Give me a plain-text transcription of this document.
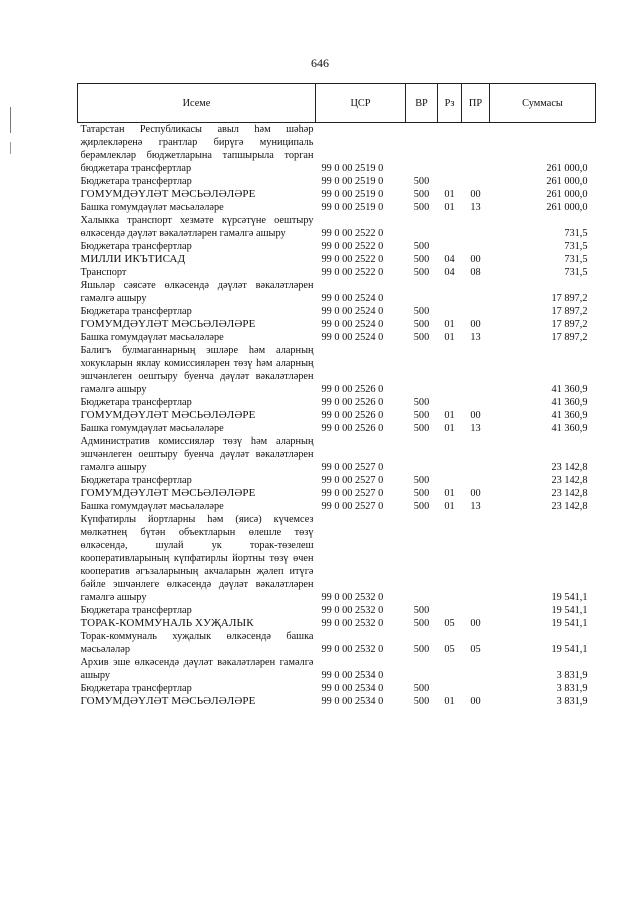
646
Исеме	ЦСР	ВР	Рз	ПР	Суммасы
Татарстан Республикасы авыл һәм шәһәр җирлекләренә грантлар бирүгә муниципаль берәмлекләр бюджетларына тапшырыла торган бюджетара трансфертлар	99 0 00 2519 0				261 000,0
Бюджетара трансфертлар	99 0 00 2519 0	500			261 000,0
ГОМУМДӘҮЛӘТ МӘСЬӘЛӘЛӘРЕ	99 0 00 2519 0	500	01	00	261 000,0
Башка гомумдәүләт мәсьәләләре	99 0 00 2519 0	500	01	13	261 000,0
Халыкка транспорт хезмәте күрсәтүне оештыру өлкәсендә дәүләт вәкаләтләрен гамәлгә ашыру	99 0 00 2522 0				731,5
Бюджетара трансфертлар	99 0 00 2522 0	500			731,5
МИЛЛИ ИКЪТИСАД	99 0 00 2522 0	500	04	00	731,5
Транспорт	99 0 00 2522 0	500	04	08	731,5
Яшьләр сәясәте өлкәсендә дәүләт вәкаләтләрен гамәлгә ашыру	99 0 00 2524 0				17 897,2
Бюджетара трансфертлар	99 0 00 2524 0	500			17 897,2
ГОМУМДӘҮЛӘТ МӘСЬӘЛӘЛӘРЕ	99 0 00 2524 0	500	01	00	17 897,2
Башка гомумдәүләт мәсьәләләре	99 0 00 2524 0	500	01	13	17 897,2
Балигъ булмаганнарның эшләре һәм аларның хокукларын яклау комиссияләрен төзү һәм аларның эшчәнлеген оештыру буенча дәүләт вәкаләтләрен гамәлгә ашыру	99 0 00 2526 0				41 360,9
Бюджетара трансфертлар	99 0 00 2526 0	500			41 360,9
ГОМУМДӘҮЛӘТ МӘСЬӘЛӘЛӘРЕ	99 0 00 2526 0	500	01	00	41 360,9
Башка гомумдәүләт мәсьәләләре	99 0 00 2526 0	500	01	13	41 360,9
Административ комиссияләр төзү һәм аларның эшчәнлеген оештыру буенча дәүләт вәкаләтләрен гамәлгә ашыру	99 0 00 2527 0				23 142,8
Бюджетара трансфертлар	99 0 00 2527 0	500			23 142,8
ГОМУМДӘҮЛӘТ МӘСЬӘЛӘЛӘРЕ	99 0 00 2527 0	500	01	00	23 142,8
Башка гомумдәүләт мәсьәләләре	99 0 00 2527 0	500	01	13	23 142,8
Күпфатирлы йортларны һәм (яисә) күчемсез мөлкәтнең бүтән объектларын өлешле төзү өлкәсендә, шулай ук торак-төзелеш кооперативларының күпфатирлы йортны төзү өчен кооператив әгъзаларының акчаларын җәлеп итүгә бәйле эшчәнлеге өлкәсендә дәүләт вәкаләтләрен гамәлгә ашыру	99 0 00 2532 0				19 541,1
Бюджетара трансфертлар	99 0 00 2532 0	500			19 541,1
ТОРАК-КОММУНАЛЬ ХУҖАЛЫК	99 0 00 2532 0	500	05	00	19 541,1
Торак-коммуналь хуҗалык өлкәсендә башка мәсьәләләр	99 0 00 2532 0	500	05	05	19 541,1
Архив эше өлкәсендә дәүләт вәкаләтләрен гамәлгә ашыру	99 0 00 2534 0				3 831,9
Бюджетара трансфертлар	99 0 00 2534 0	500			3 831,9
ГОМУМДӘҮЛӘТ МӘСЬӘЛӘЛӘРЕ	99 0 00 2534 0	500	01	00	3 831,9
